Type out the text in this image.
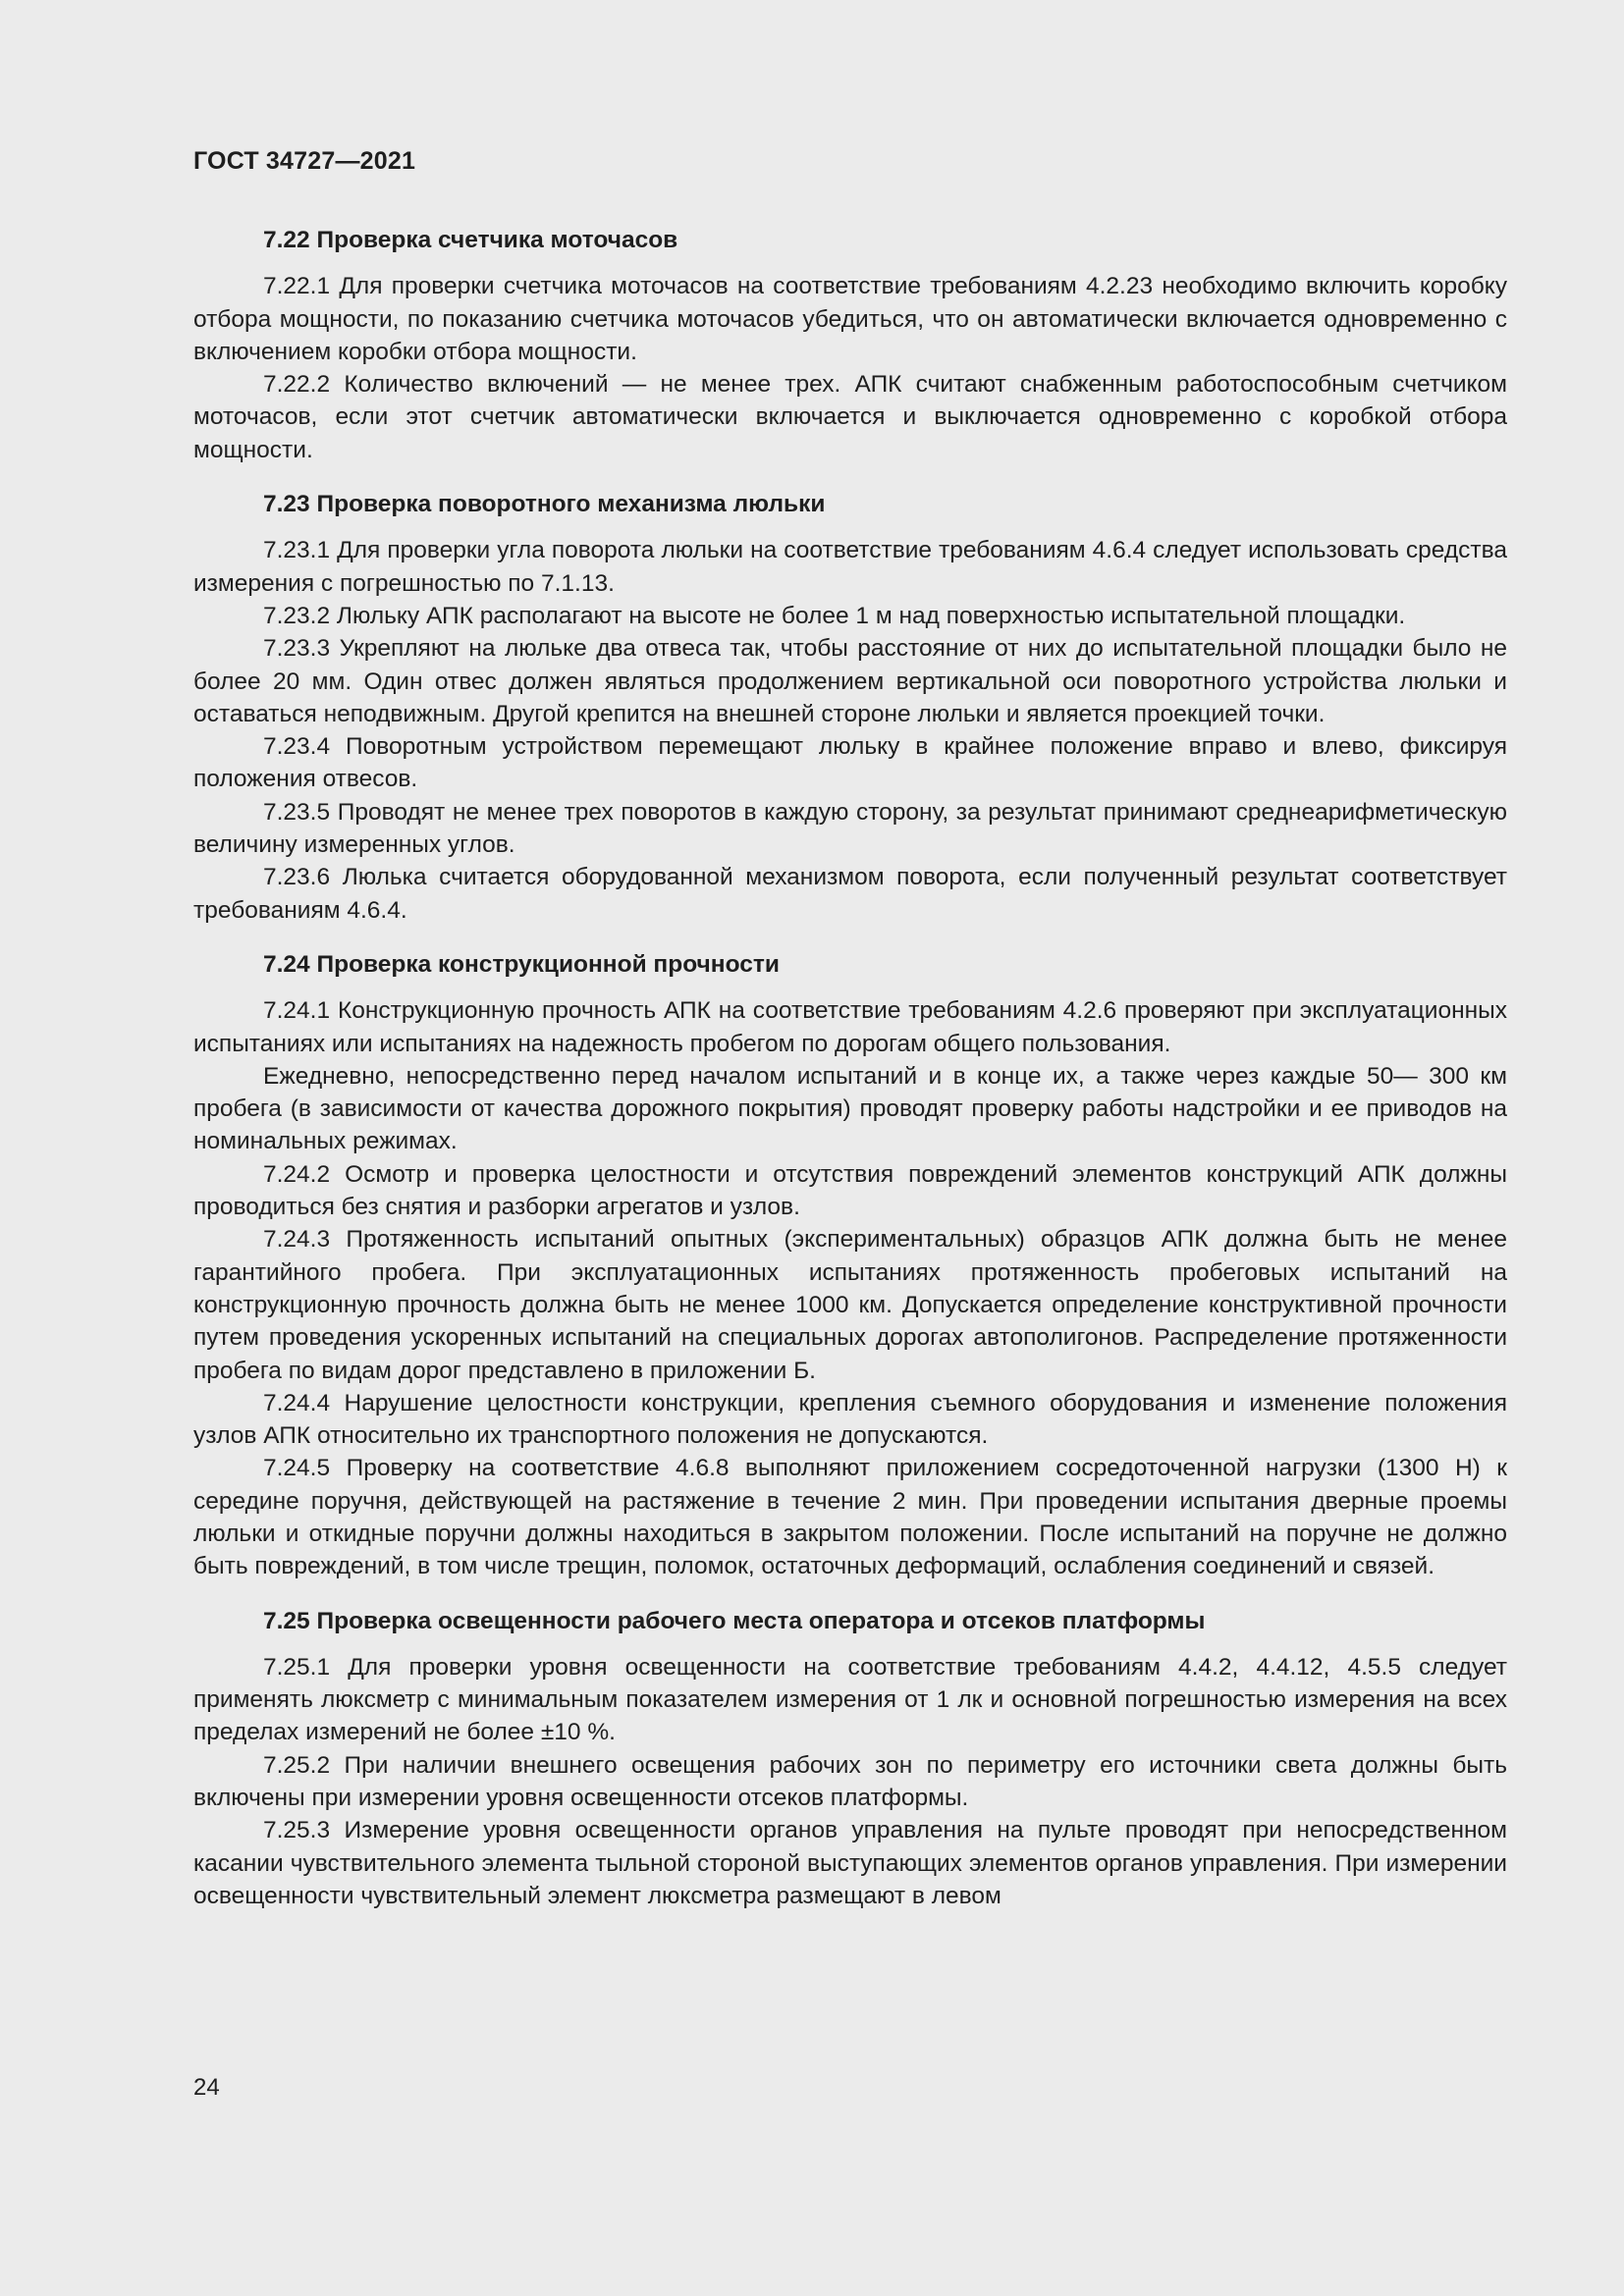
ГОСТ 34727—2021

7.22 Проверка счетчика моточасов

7.22.1 Для проверки счетчика моточасов на соответствие требованиям 4.2.23 необходимо включить коробку отбора мощности, по показанию счетчика моточасов убедиться, что он автоматически включается одновременно с включением коробки отбора мощности.

7.22.2 Количество включений — не менее трех. АПК считают снабженным работоспособным счетчиком моточасов, если этот счетчик автоматически включается и выключается одновременно с коробкой отбора мощности.

7.23 Проверка поворотного механизма люльки

7.23.1 Для проверки угла поворота люльки на соответствие требованиям 4.6.4 следует использовать средства измерения с погрешностью по 7.1.13.

7.23.2 Люльку АПК располагают на высоте не более 1 м над поверхностью испытательной площадки.

7.23.3 Укрепляют на люльке два отвеса так, чтобы расстояние от них до испытательной площадки было не более 20 мм. Один отвес должен являться продолжением вертикальной оси поворотного устройства люльки и оставаться неподвижным. Другой крепится на внешней стороне люльки и является проекцией точки.

7.23.4 Поворотным устройством перемещают люльку в крайнее положение вправо и влево, фиксируя положения отвесов.

7.23.5 Проводят не менее трех поворотов в каждую сторону, за результат принимают среднеарифметическую величину измеренных углов.

7.23.6 Люлька считается оборудованной механизмом поворота, если полученный результат соответствует требованиям 4.6.4.

7.24 Проверка конструкционной прочности

7.24.1 Конструкционную прочность АПК на соответствие требованиям 4.2.6 проверяют при эксплуатационных испытаниях или испытаниях на надежность пробегом по дорогам общего пользования.

Ежедневно, непосредственно перед началом испытаний и в конце их, а также через каждые 50— 300 км пробега (в зависимости от качества дорожного покрытия) проводят проверку работы надстройки и ее приводов на номинальных режимах.

7.24.2 Осмотр и проверка целостности и отсутствия повреждений элементов конструкций АПК должны проводиться без снятия и разборки агрегатов и узлов.

7.24.3 Протяженность испытаний опытных (экспериментальных) образцов АПК должна быть не менее гарантийного пробега. При эксплуатационных испытаниях протяженность пробеговых испытаний на конструкционную прочность должна быть не менее 1000 км. Допускается определение конструктивной прочности путем проведения ускоренных испытаний на специальных дорогах автополигонов. Распределение протяженности пробега по видам дорог представлено в приложении Б.

7.24.4 Нарушение целостности конструкции, крепления съемного оборудования и изменение положения узлов АПК относительно их транспортного положения не допускаются.

7.24.5 Проверку на соответствие 4.6.8 выполняют приложением сосредоточенной нагрузки (1300 Н) к середине поручня, действующей на растяжение в течение 2 мин. При проведении испытания дверные проемы люльки и откидные поручни должны находиться в закрытом положении. После испытаний на поручне не должно быть повреждений, в том числе трещин, поломок, остаточных деформаций, ослабления соединений и связей.

7.25 Проверка освещенности рабочего места оператора и отсеков платформы

7.25.1 Для проверки уровня освещенности на соответствие требованиям 4.4.2, 4.4.12, 4.5.5 следует применять люксметр с минимальным показателем измерения от 1 лк и основной погрешностью измерения на всех пределах измерений не более ±10 %.

7.25.2 При наличии внешнего освещения рабочих зон по периметру его источники света должны быть включены при измерении уровня освещенности отсеков платформы.

7.25.3 Измерение уровня освещенности органов управления на пульте проводят при непосредственном касании чувствительного элемента тыльной стороной выступающих элементов органов управления. При измерении освещенности чувствительный элемент люксметра размещают в левом

24
